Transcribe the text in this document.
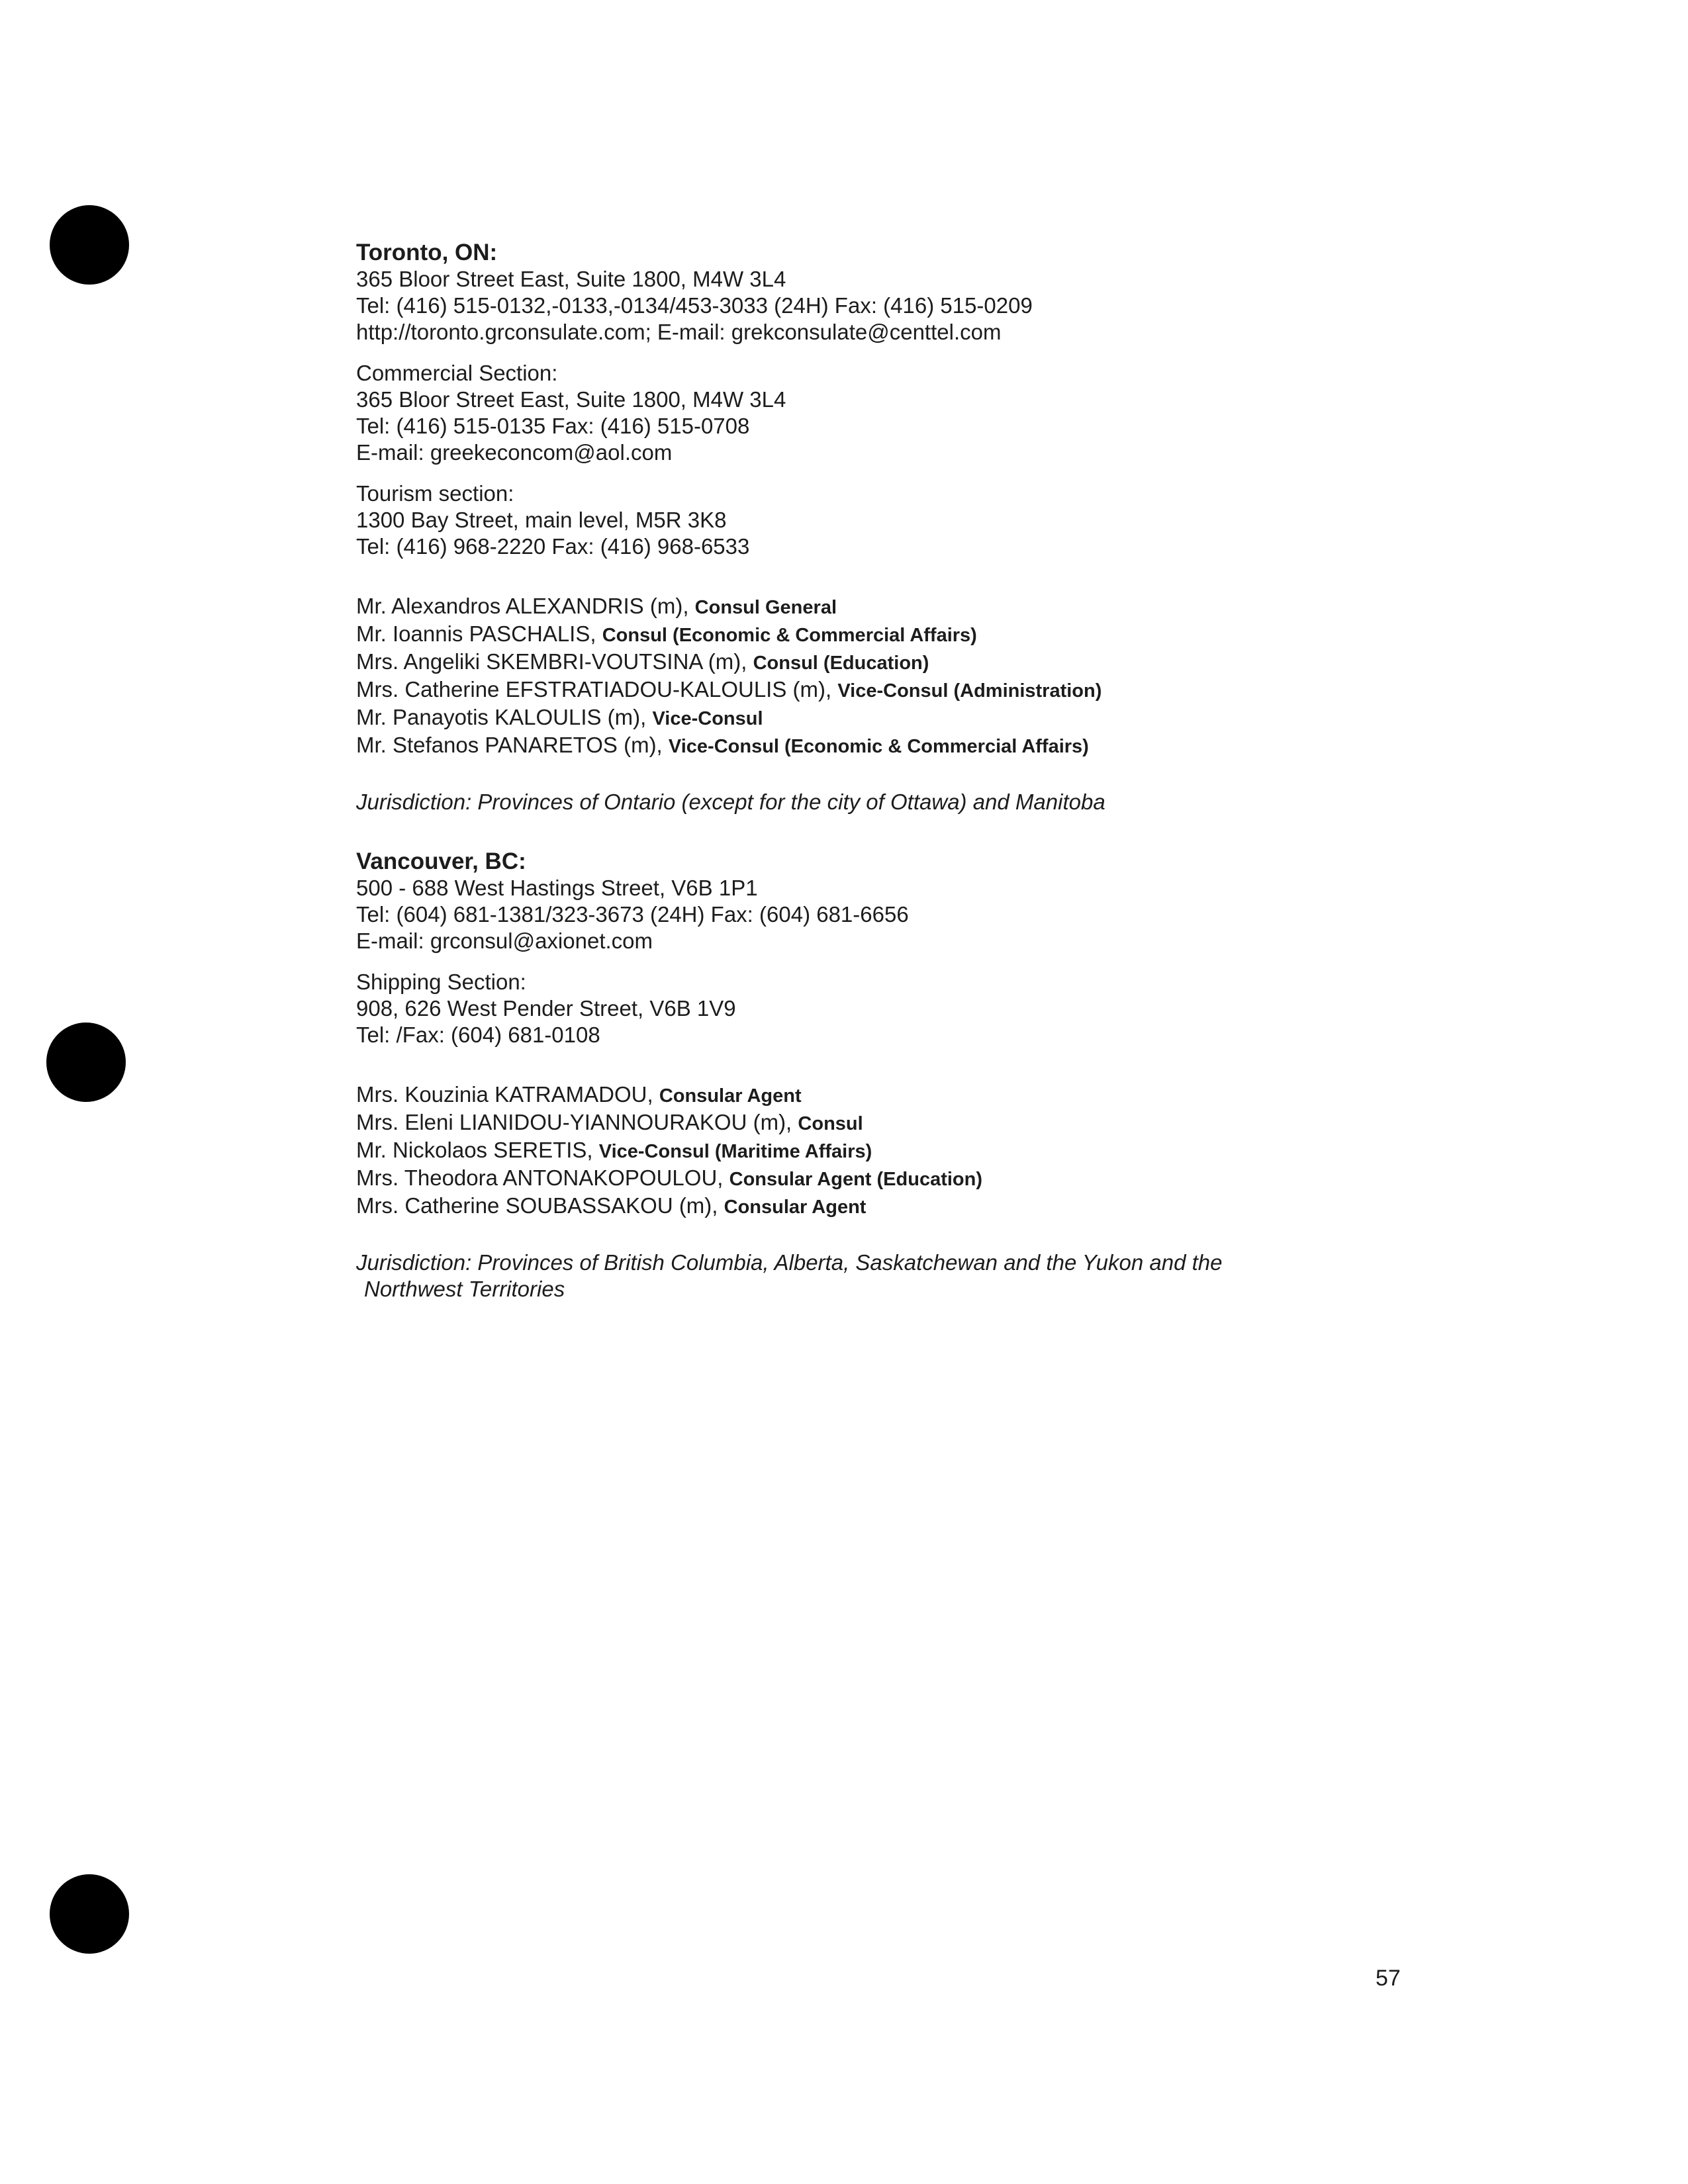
Toronto, ON:
365 Bloor Street East, Suite 1800, M4W 3L4
Tel: (416) 515-0132,-0133,-0134/453-3033 (24H) Fax: (416) 515-0209
http://toronto.grconsulate.com; E-mail: grekconsulate@centtel.com
Commercial Section:
365 Bloor Street East, Suite 1800, M4W 3L4
Tel: (416) 515-0135 Fax: (416) 515-0708
E-mail: greekeconcom@aol.com
Tourism section:
1300 Bay Street, main level, M5R 3K8
Tel: (416) 968-2220 Fax: (416) 968-6533
Mr. Alexandros ALEXANDRIS (m), Consul General
Mr. Ioannis PASCHALIS, Consul (Economic & Commercial Affairs)
Mrs. Angeliki SKEMBRI-VOUTSINA (m), Consul (Education)
Mrs. Catherine EFSTRATIADOU-KALOULIS (m), Vice-Consul (Administration)
Mr. Panayotis KALOULIS (m), Vice-Consul
Mr. Stefanos PANARETOS (m), Vice-Consul (Economic & Commercial Affairs)
Jurisdiction: Provinces of Ontario (except for the city of Ottawa) and Manitoba
Vancouver, BC:
500 - 688 West Hastings Street, V6B 1P1
Tel: (604) 681-1381/323-3673 (24H) Fax: (604) 681-6656
E-mail: grconsul@axionet.com
Shipping Section:
908, 626 West Pender Street, V6B 1V9
Tel: /Fax: (604) 681-0108
Mrs. Kouzinia KATRAMADOU, Consular Agent
Mrs. Eleni LIANIDOU-YIANNOURAKOU (m), Consul
Mr. Nickolaos SERETIS, Vice-Consul (Maritime Affairs)
Mrs. Theodora ANTONAKOPOULOU, Consular Agent (Education)
Mrs. Catherine SOUBASSAKOU (m), Consular Agent
Jurisdiction: Provinces of British Columbia, Alberta, Saskatchewan and the Yukon and the
Northwest Territories
57
